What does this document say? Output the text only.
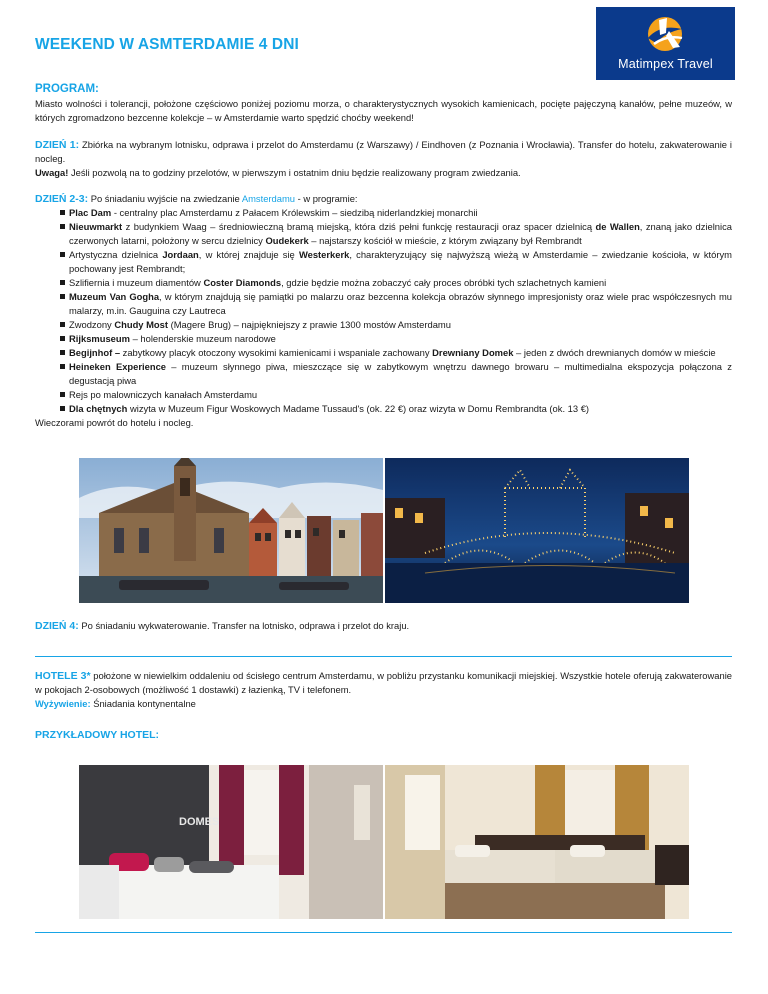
WEEKEND W ASMTERDAMIE 4 DNI
Matimpex Travel
PROGRAM:
Miasto wolności i tolerancji, położone częściowo poniżej poziomu morza, o charakterystycznych wysokich kamienicach, pocięte pajęczyną kanałów, pełne muzeów, w których zgromadzono bezcenne kolekcje – w Amsterdamie warto spędzić choćby weekend!
DZIEŃ 1: Zbiórka na wybranym lotnisku, odprawa i przelot do Amsterdamu (z Warszawy) / Eindhoven (z Poznania i Wrocławia). Transfer do hotelu, zakwaterowanie i nocleg.
Uwaga! Jeśli pozwolą na to godziny przelotów, w pierwszym i ostatnim dniu będzie realizowany program zwiedzania.
DZIEŃ 2-3: Po śniadaniu wyjście na zwiedzanie Amsterdamu - w programie:
Plac Dam - centralny plac Amsterdamu z Pałacem Królewskim – siedzibą niderlandzkiej monarchii
Nieuwmarkt z budynkiem Waag – średniowieczną bramą miejską, która dziś pełni funkcję restauracji oraz spacer dzielnicą de Wallen, znaną jako dzielnica czerwonych latarni, położony w sercu dzielnicy Oudekerk – najstarszy kościół w mieście, z którym związany był Rembrandt
Artystyczna dzielnica Jordaan, w której znajduje się Westerkerk, charakteryzujący się najwyższą wieżą w Amsterdamie – zwiedzanie kościoła, w którym pochowany jest Rembrandt;
Szlifiernia i muzeum diamentów Coster Diamonds, gdzie będzie można zobaczyć cały proces obróbki tych szlachetnych kamieni
Muzeum Van Gogha, w którym znajdują się pamiątki po malarzu oraz bezcenna kolekcja obrazów słynnego impresjonisty oraz wiele prac współczesnych mu malarzy, m.in. Gauguina czy Lautreca
Zwodzony Chudy Most (Magere Brug) – najpiękniejszy z prawie 1300 mostów Amsterdamu
Rijksmuseum – holenderskie muzeum narodowe
Begijnhof – zabytkowy placyk otoczony wysokimi kamienicami i wspaniale zachowany Drewniany Domek – jeden z dwóch drewnianych domów w mieście
Heineken Experience – muzeum słynnego piwa, mieszczące się w zabytkowym wnętrzu dawnego browaru – multimedialna ekspozycja połączona z degustacją piwa
Rejs po malowniczych kanałach Amsterdamu
Dla chętnych wizyta w Muzeum Figur Woskowych Madame Tussaud's (ok. 22 €) oraz wizyta w Domu Rembrandta (ok. 13 €)
Wieczorami powrót do hotelu i nocleg.
DZIEŃ 4: Po śniadaniu wykwaterowanie. Transfer na lotnisko, odprawa i przelot do kraju.
HOTELE 3* położone w niewielkim oddaleniu od ścisłego centrum Amsterdamu, w pobliżu przystanku komunikacji miejskiej. Wszystkie hotele oferują zakwaterowanie w pokojach 2-osobowych (możliwość 1 dostawki) z łazienką, TV i telefonem.
Wyżywienie: Śniadania kontynentalne
PRZYKŁADOWY HOTEL:
DOMES
